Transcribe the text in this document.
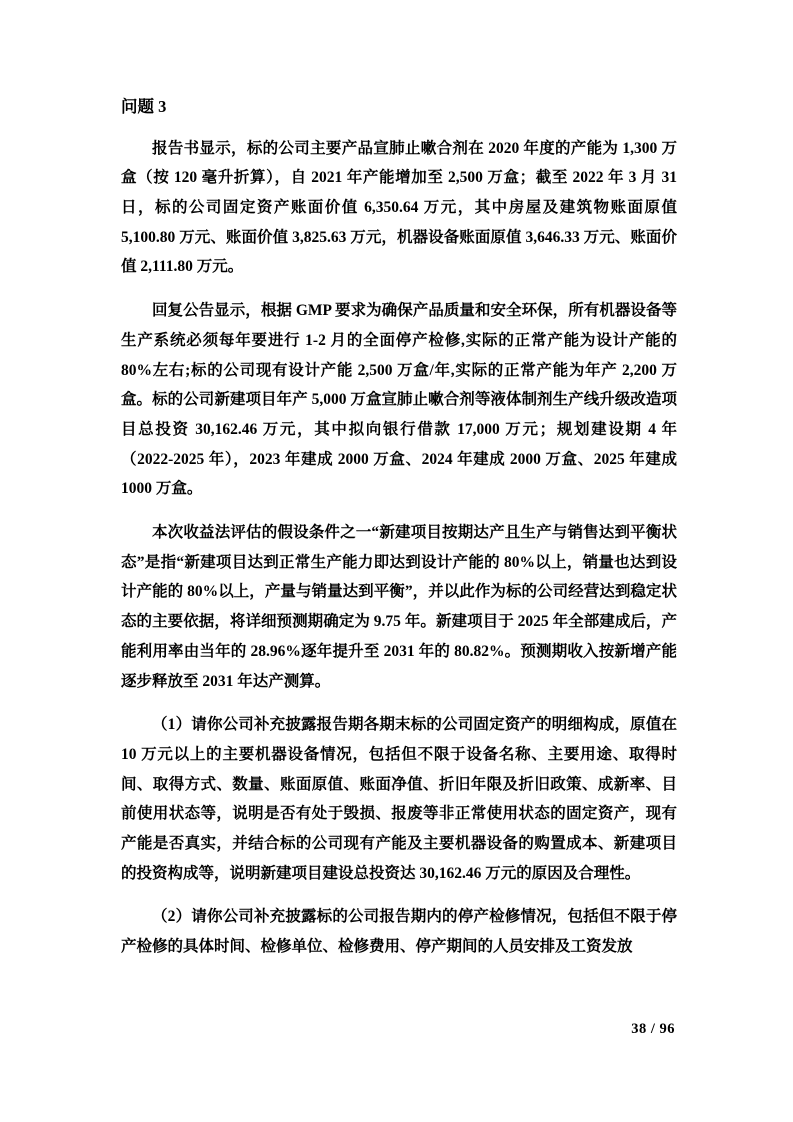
问题 3

报告书显示，标的公司主要产品宣肺止嗽合剂在 2020 年度的产能为 1,300 万盒（按 120 毫升折算），自 2021 年产能增加至 2,500 万盒；截至 2022 年 3 月 31 日，标的公司固定资产账面价值 6,350.64 万元，其中房屋及建筑物账面原值 5,100.80 万元、账面价值 3,825.63 万元，机器设备账面原值 3,646.33 万元、账面价值 2,111.80 万元。

回复公告显示，根据 GMP 要求为确保产品质量和安全环保，所有机器设备等生产系统必须每年要进行 1-2 月的全面停产检修,实际的正常产能为设计产能的 80%左右;标的公司现有设计产能 2,500 万盒/年,实际的正常产能为年产 2,200 万盒。标的公司新建项目年产 5,000 万盒宣肺止嗽合剂等液体制剂生产线升级改造项目总投资 30,162.46 万元，其中拟向银行借款 17,000 万元；规划建设期 4 年（2022-2025 年），2023 年建成 2000 万盒、2024 年建成 2000 万盒、2025 年建成 1000 万盒。

本次收益法评估的假设条件之一“新建项目按期达产且生产与销售达到平衡状态”是指“新建项目达到正常生产能力即达到设计产能的 80%以上，销量也达到设计产能的 80%以上，产量与销量达到平衡”，并以此作为标的公司经营达到稳定状态的主要依据，将详细预测期确定为 9.75 年。新建项目于 2025 年全部建成后，产能利用率由当年的 28.96%逐年提升至 2031 年的 80.82%。预测期收入按新增产能逐步释放至 2031 年达产测算。

（1）请你公司补充披露报告期各期末标的公司固定资产的明细构成，原值在 10 万元以上的主要机器设备情况，包括但不限于设备名称、主要用途、取得时间、取得方式、数量、账面原值、账面净值、折旧年限及折旧政策、成新率、目前使用状态等，说明是否有处于毁损、报废等非正常使用状态的固定资产，现有产能是否真实，并结合标的公司现有产能及主要机器设备的购置成本、新建项目的投资构成等，说明新建项目建设总投资达 30,162.46 万元的原因及合理性。

（2）请你公司补充披露标的公司报告期内的停产检修情况，包括但不限于停产检修的具体时间、检修单位、检修费用、停产期间的人员安排及工资发放

38 / 96
